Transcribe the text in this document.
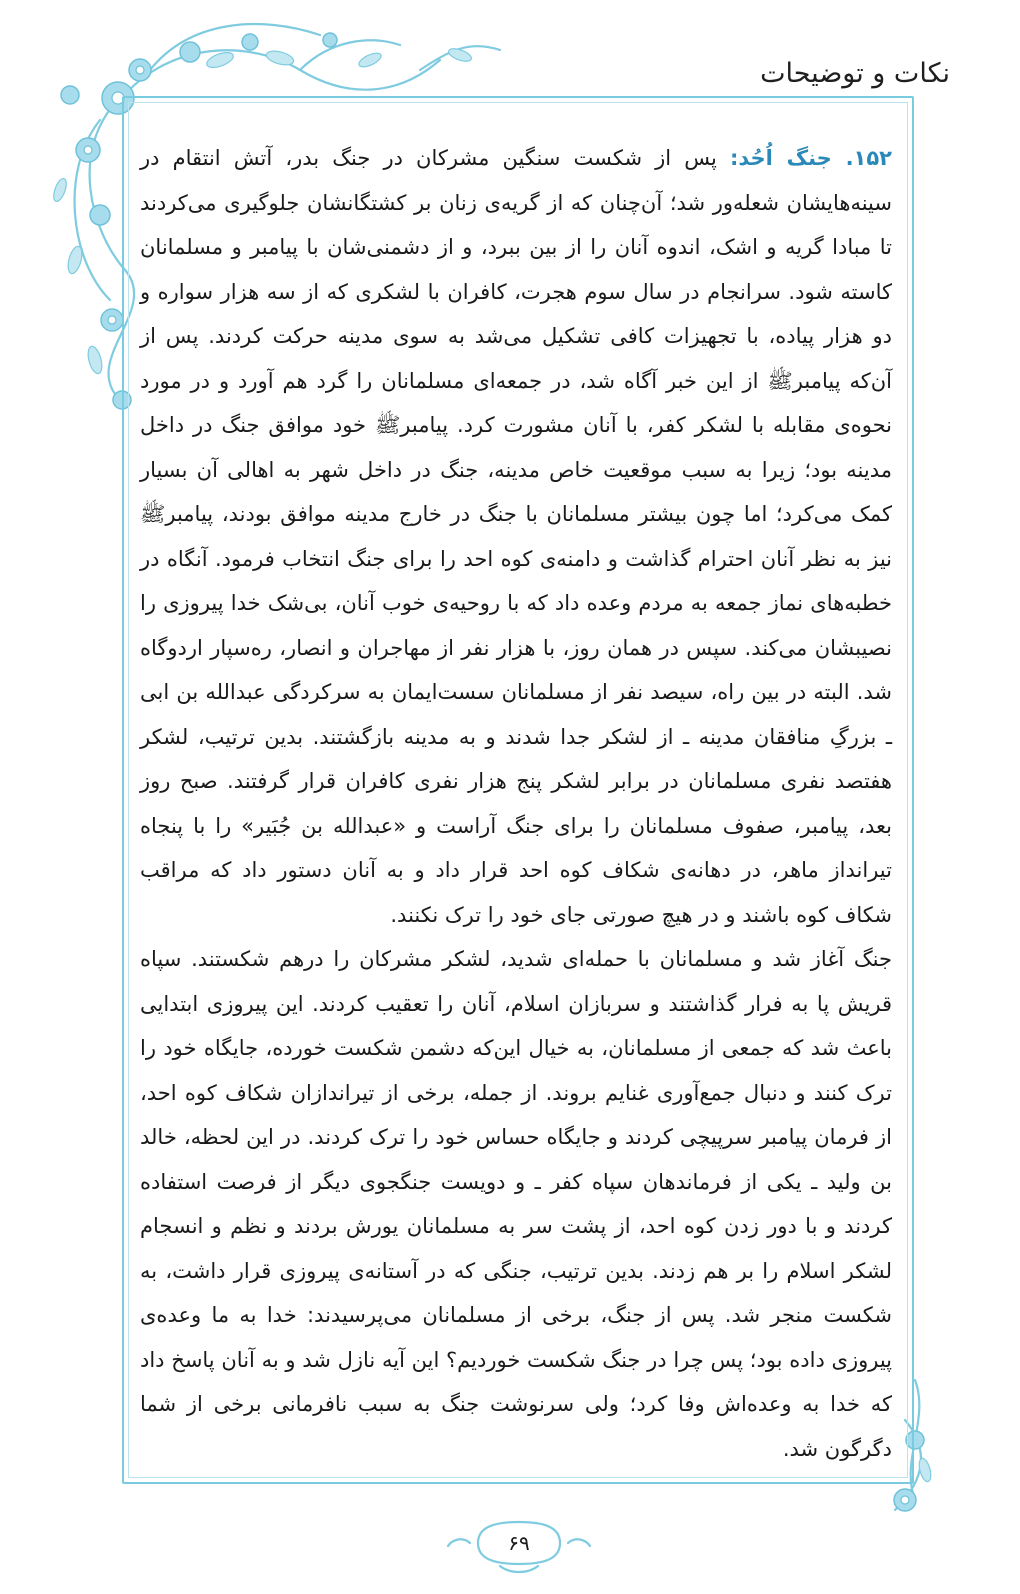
نکات و توضیحات

۱۵۲. جنگ اُحُد: پس از شکست سنگین مشرکان در جنگ بدر، آتش انتقام در سینه‌هایشان شعله‌ور شد؛ آن‌چنان که از گریه‌ی زنان بر کشتگانشان جلوگیری می‌کردند تا مبادا گریه و اشک، اندوه آنان را از بین ببرد، و از دشمنی‌شان با پیامبر و مسلمانان کاسته شود. سرانجام در سال سوم هجرت، کافران با لشکری که از سه هزار سواره و دو هزار پیاده، با تجهیزات کافی تشکیل می‌شد به سوی مدینه حرکت کردند. پس از آن‌که پیامبرﷺ از این خبر آگاه شد، در جمعه‌ای مسلمانان را گرد هم آورد و در مورد نحوه‌ی مقابله با لشکر کفر، با آنان مشورت کرد. پیامبرﷺ خود موافق جنگ در داخل مدینه بود؛ زیرا به سبب موقعیت خاص مدینه، جنگ در داخل شهر به اهالی آن بسیار کمک می‌کرد؛ اما چون بیشتر مسلمانان با جنگ در خارج مدینه موافق بودند، پیامبرﷺ نیز به نظر آنان احترام گذاشت و دامنه‌ی کوه احد را برای جنگ انتخاب فرمود. آنگاه در خطبه‌های نماز جمعه به مردم وعده داد که با روحیه‌ی خوب آنان، بی‌شک خدا پیروزی را نصیبشان می‌کند. سپس در همان روز، با هزار نفر از مهاجران و انصار، ره‌سپار اردوگاه شد. البته در بین راه، سیصد نفر از مسلمانان سست‌ایمان به سرکردگی عبدالله بن ابی ـ بزرگِ منافقان مدینه ـ از لشکر جدا شدند و به مدینه بازگشتند. بدین ترتیب، لشکر هفتصد نفری مسلمانان در برابر لشکر پنج هزار نفری کافران قرار گرفتند. صبح روز بعد، پیامبر، صفوف مسلمانان را برای جنگ آراست و «عبدالله بن جُبَیر» را با پنجاه تیرانداز ماهر، در دهانه‌ی شکاف کوه احد قرار داد و به آنان دستور داد که مراقب شکاف کوه باشند و در هیچ صورتی جای خود را ترک نکنند.

جنگ آغاز شد و مسلمانان با حمله‌ای شدید، لشکر مشرکان را درهم شکستند. سپاه قریش پا به فرار گذاشتند و سربازان اسلام، آنان را تعقیب کردند. این پیروزی ابتدایی باعث شد که جمعی از مسلمانان، به خیال این‌که دشمن شکست خورده، جایگاه خود را ترک کنند و دنبال جمع‌آوری غنایم بروند. از جمله، برخی از تیراندازان شکاف کوه احد، از فرمان پیامبر سرپیچی کردند و جایگاه حساس خود را ترک کردند. در این لحظه، خالد بن ولید ـ یکی از فرماندهان سپاه کفر ـ و دویست جنگجوی دیگر از فرصت استفاده کردند و با دور زدن کوه احد، از پشت سر به مسلمانان یورش بردند و نظم و انسجام لشکر اسلام را بر هم زدند. بدین ترتیب، جنگی که در آستانه‌ی پیروزی قرار داشت، به شکست منجر شد. پس از جنگ، برخی از مسلمانان می‌پرسیدند: خدا به ما وعده‌ی پیروزی داده بود؛ پس چرا در جنگ شکست خوردیم؟ این آیه نازل شد و به آنان پاسخ داد که خدا به وعده‌اش وفا کرد؛ ولی سرنوشت جنگ به سبب نافرمانی برخی از شما دگرگون شد.

۶۹
